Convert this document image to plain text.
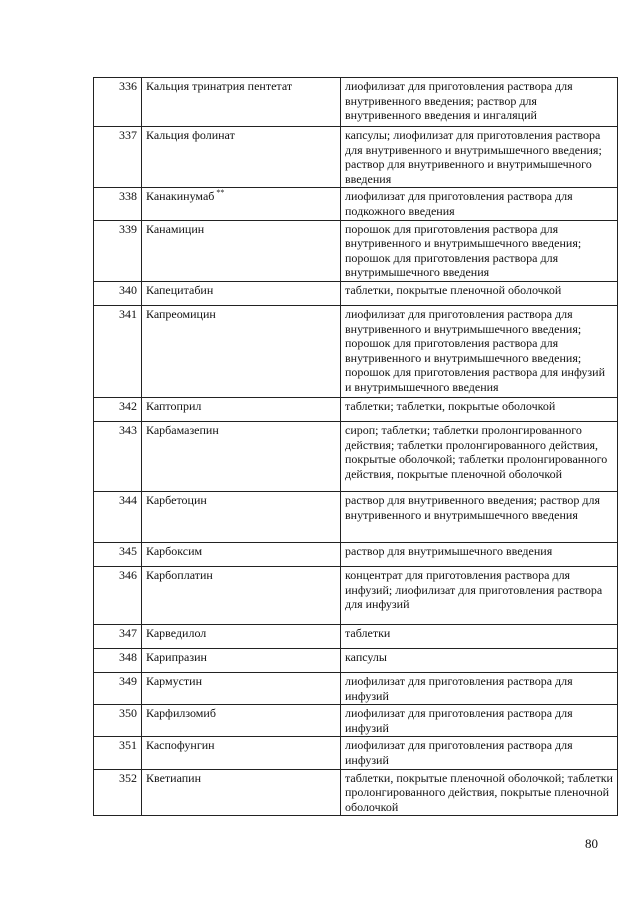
336	Кальция тринатрия пентетат	лиофилизат для приготовления раствора для внутривенного введения; раствор для внутривенного введения и ингаляций
337	Кальция фолинат	капсулы; лиофилизат для приготовления раствора для внутривенного и внутримышечного введения; раствор для внутривенного и внутримышечного введения
338	Канакинумаб **	лиофилизат для приготовления раствора для подкожного введения
339	Канамицин	порошок для приготовления раствора для внутривенного и внутримышечного введения; порошок для приготовления раствора для внутримышечного введения
340	Капецитабин	таблетки, покрытые пленочной оболочкой
341	Капреомицин	лиофилизат для приготовления раствора для внутривенного и внутримышечного введения; порошок для приготовления раствора для внутривенного и внутримышечного введения; порошок для приготовления раствора для инфузий и внутримышечного введения
342	Каптоприл	таблетки; таблетки, покрытые оболочкой
343	Карбамазепин	сироп; таблетки; таблетки пролонгированного действия; таблетки пролонгированного действия, покрытые оболочкой; таблетки пролонгированного действия, покрытые пленочной оболочкой
344	Карбетоцин	раствор для внутривенного введения; раствор для внутривенного и внутримышечного введения
345	Карбоксим	раствор для внутримышечного введения
346	Карбоплатин	концентрат для приготовления раствора для инфузий; лиофилизат для приготовления раствора для инфузий
347	Карведилол	таблетки
348	Карипразин	капсулы
349	Кармустин	лиофилизат для приготовления раствора для инфузий
350	Карфилзомиб	лиофилизат для приготовления раствора для инфузий
351	Каспофунгин	лиофилизат для приготовления раствора для инфузий
352	Кветиапин	таблетки, покрытые пленочной оболочкой; таблетки пролонгированного действия, покрытые пленочной оболочкой
80
